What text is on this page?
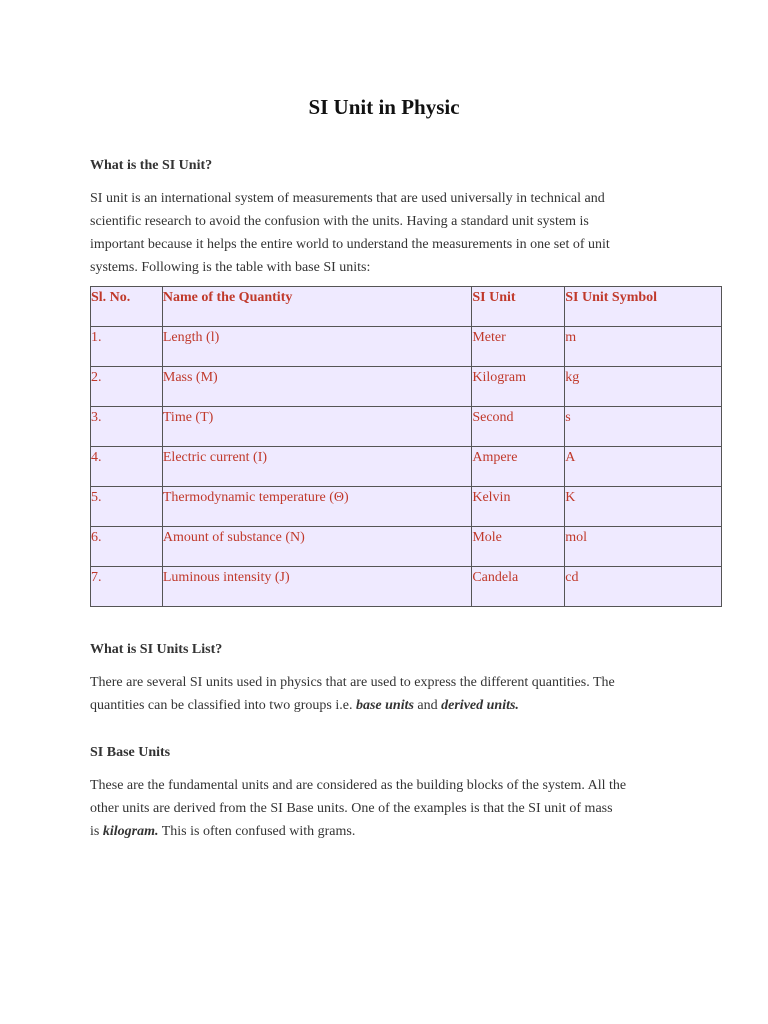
SI Unit in Physic
What is the SI Unit?

SI unit is an international system of measurements that are used universally in technical and
scientific research to avoid the confusion with the units. Having a standard unit system is
important because it helps the entire world to understand the measurements in one set of unit
systems. Following is the table with base SI units:

Sl. No.	Name of the Quantity	SI Unit	SI Unit Symbol

1.	Length (l)	Meter	m

2.	Mass (M)	Kilogram	kg

3.	Time (T)	Second	s

4.	Electric current (I)	Ampere	A

5.	Thermodynamic temperature (Θ)	Kelvin	K

6.	Amount of substance (N)	Mole	mol

7.	Luminous intensity (J)	Candela	cd
What is SI Units List?

There are several SI units used in physics that are used to express the different quantities. The
quantities can be classified into two groups i.e. base units and derived units.

SI Base Units

These are the fundamental units and are considered as the building blocks of the system. All the
other units are derived from the SI Base units. One of the examples is that the SI unit of mass
is kilogram. This is often confused with grams.
